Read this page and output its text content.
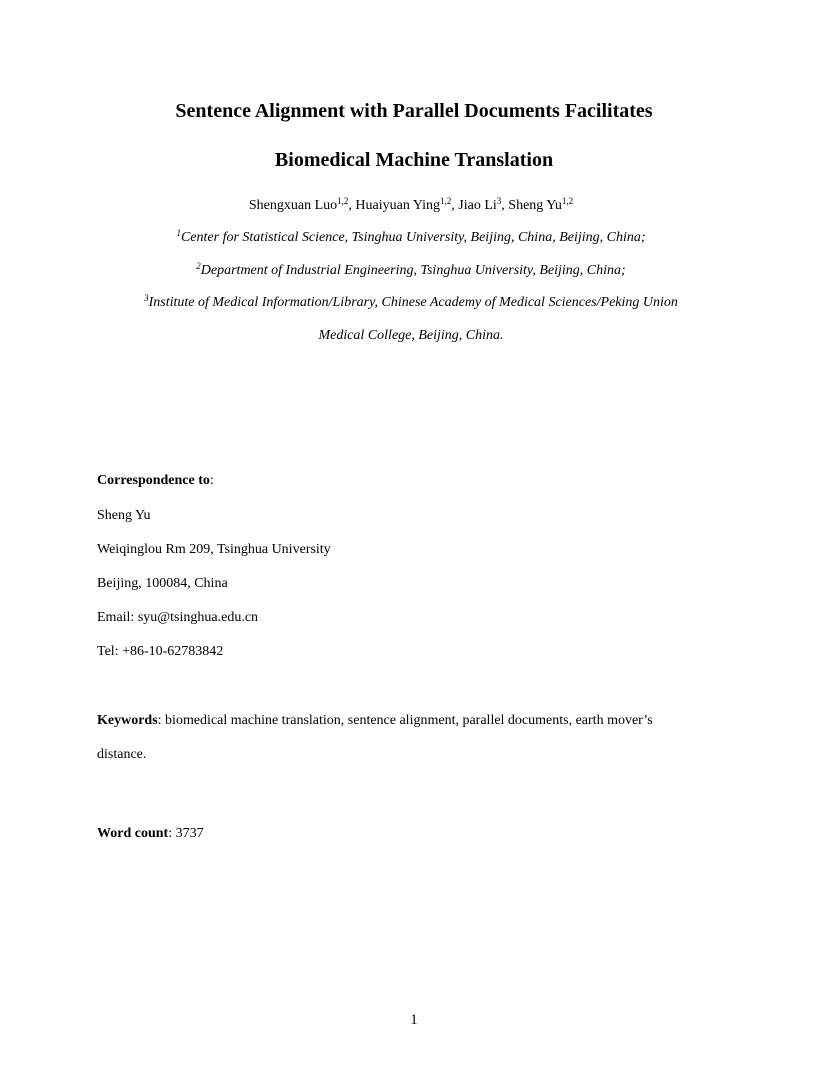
Sentence Alignment with Parallel Documents Facilitates
Biomedical Machine Translation
Shengxuan Luo$^{1,2}$, Huaiyuan Ying$^{1,2}$, Jiao Li$^3$, Sheng Yu$^{1,2}$
$^1$Center for Statistical Science, Tsinghua University, Beijing, China, Beijing, China;
$^2$Department of Industrial Engineering, Tsinghua University, Beijing, China;
$^3$Institute of Medical Information/Library, Chinese Academy of Medical Sciences/Peking Union
Medical College, Beijing, China.
Correspondence to:
Sheng Yu
Weiqinglou Rm 209, Tsinghua University
Beijing, 100084, China
Email: syu@tsinghua.edu.cn
Tel: +86-10-62783842
Keywords: biomedical machine translation, sentence alignment, parallel documents, earth mover’s
distance.
Word count: 3737
1
